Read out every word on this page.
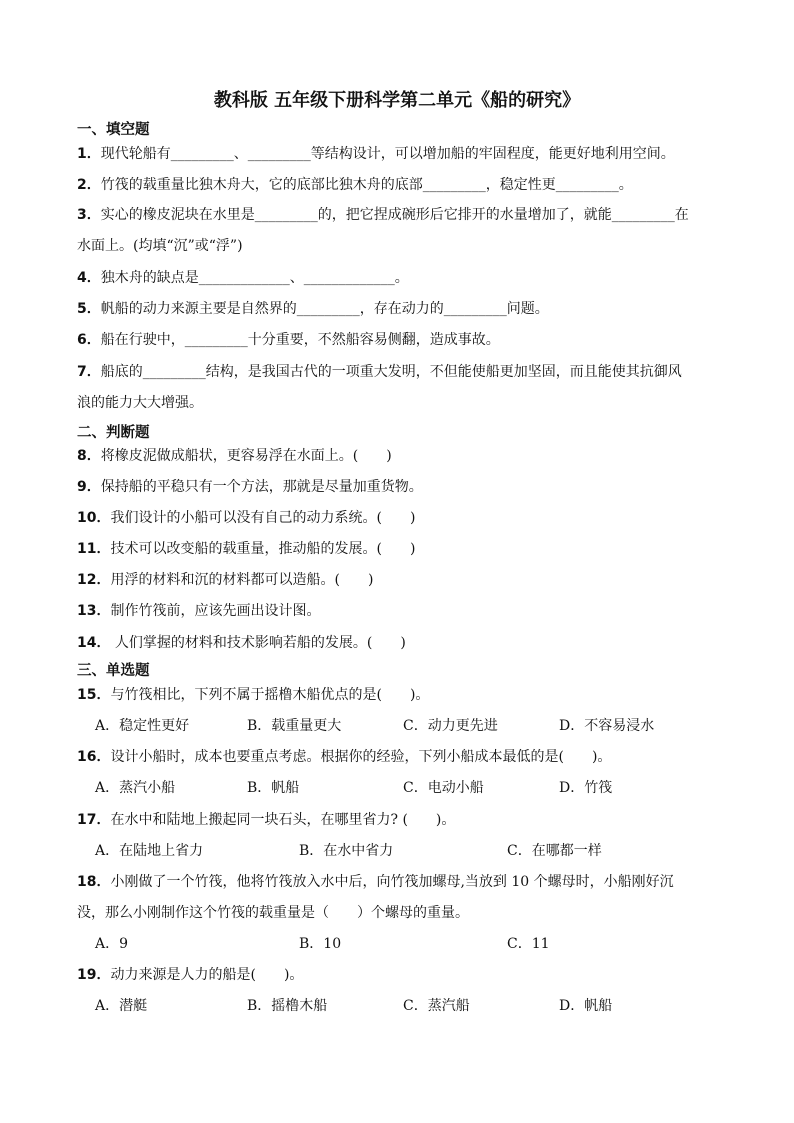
教科版 五年级下册科学第二单元《船的研究》
一、填空题
1．现代轮船有_________、_________等结构设计，可以增加船的牢固程度，能更好地利用空间。
2．竹筏的载重量比独木舟大，它的底部比独木舟的底部_________，稳定性更_________。
3．实心的橡皮泥块在水里是_________的，把它捏成碗形后它排开的水量增加了，就能_________在
水面上。(均填“沉”或“浮”)
4．独木舟的缺点是_____________、_____________。
5．帆船的动力来源主要是自然界的_________，存在动力的_________问题。
6．船在行驶中，_________十分重要，不然船容易侧翻，造成事故。
7．船底的_________结构，是我国古代的一项重大发明，不但能使船更加坚固，而且能使其抗御风
浪的能力大大增强。
二、判断题
8．将橡皮泥做成船状，更容易浮在水面上。(　　)
9．保持船的平稳只有一个方法，那就是尽量加重货物。
10．我们设计的小船可以没有自己的动力系统。(　　)
11．技术可以改变船的载重量，推动船的发展。(　　)
12．用浮的材料和沉的材料都可以造船。(　　)
13．制作竹筏前，应该先画出设计图。
14． 人们掌握的材料和技术影响若船的发展。(　　)
三、单选题
15．与竹筏相比，下列不属于摇橹木船优点的是(　　)。
A．稳定性更好	B．载重量更大	C．动力更先进	D．不容易浸水
16．设计小船时，成本也要重点考虑。根据你的经验，下列小船成本最低的是(　　)。
A．蒸汽小船	B．帆船	C．电动小船	D．竹筏
17．在水中和陆地上搬起同一块石头，在哪里省力? (　　)。
A．在陆地上省力	B．在水中省力	C．在哪都一样
18．小刚做了一个竹筏，他将竹筏放入水中后，向竹筏加螺母,当放到 10 个螺母时，小船刚好沉
没，那么小刚制作这个竹筏的载重量是（　　）个螺母的重量。
A．9	B．10	C．11
19．动力来源是人力的船是(　　)。
A．潜艇	B．摇橹木船	C．蒸汽船	D．帆船
